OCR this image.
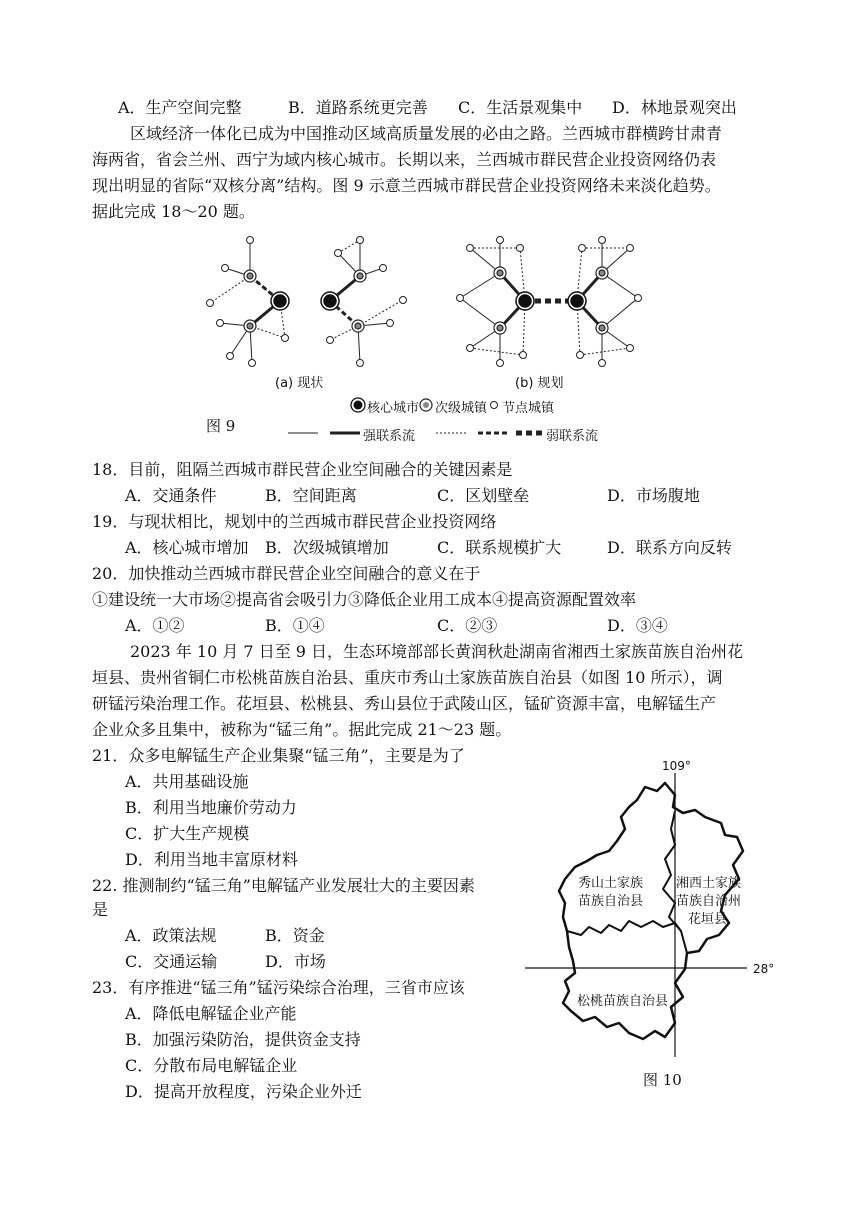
A．生产空间完整	B．道路系统更完善 C．生活景观集中 D．林地景观突出
区域经济一体化已成为中国推动区域高质量发展的必由之路。兰西城市群横跨甘肃青
海两省，省会兰州、西宁为域内核心城市。长期以来，兰西城市群民营企业投资网络仍表
现出明显的省际“双核分离”结构。图 9 示意兰西城市群民营企业投资网络未来淡化趋势。
据此完成 18～20 题。
(a) 现状	(b) 规划
核心城市 次级城镇 节点城镇
强联系流	弱联系流
图 9
18．目前，阻隔兰西城市群民营企业空间融合的关键因素是
A．交通条件	B．空间距离	C．区划壁垒	D．市场腹地
19．与现状相比，规划中的兰西城市群民营企业投资网络
A．核心城市增加 B．次级城镇增加	C．联系规模扩大	D．联系方向反转
20．加快推动兰西城市群民营企业空间融合的意义在于
①建设统一大市场②提高省会吸引力③降低企业用工成本④提高资源配置效率
A．①②	B．①④	C．②③	D．③④
2023 年 10 月 7 日至 9 日，生态环境部部长黄润秋赴湖南省湘西土家族苗族自治州花
垣县、贵州省铜仁市松桃苗族自治县、重庆市秀山土家族苗族自治县（如图 10 所示），调
研锰污染治理工作。花垣县、松桃县、秀山县位于武陵山区，锰矿资源丰富，电解锰生产
企业众多且集中，被称为“锰三角”。据此完成 21～23 题。
21．众多电解锰生产企业集聚“锰三角”，主要是为了
A．共用基础设施
B．利用当地廉价劳动力
C．扩大生产规模
D．利用当地丰富原材料
22. 推测制约“锰三角”电解锰产业发展壮大的主要因素
是
A．政策法规	B．资金
C．交通运输	D．市场
23．有序推进“锰三角”锰污染综合治理，三省市应该
A．降低电解锰企业产能
B．加强污染防治，提供资金支持
C．分散布局电解锰企业
D．提高开放程度，污染企业外迁
109°
28°
秀山土家族
苗族自治县
湘西土家族
苗族自治州
花垣县
松桃苗族自治县
图 10
